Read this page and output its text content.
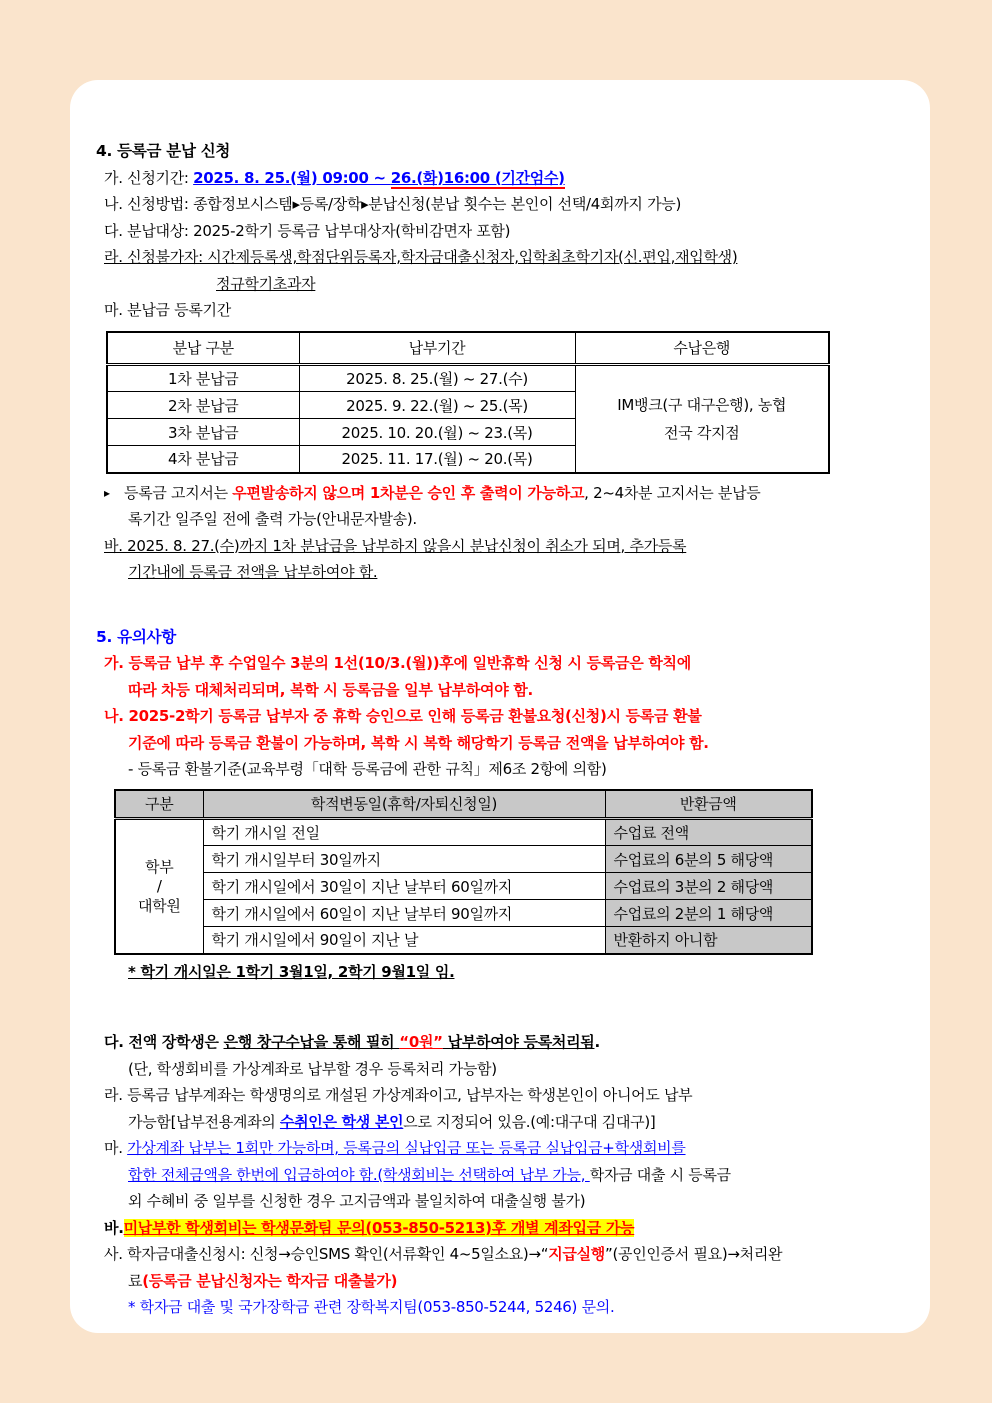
4. 등록금 분납 신청
가. 신청기간: 2025. 8. 25.(월) 09:00 ~ 26.(화)16:00 (기간엄수)
나. 신청방법: 종합정보시스템▸등록/장학▸분납신청(분납 횟수는 본인이 선택/4회까지 가능)
다. 분납대상: 2025-2학기 등록금 납부대상자(학비감면자 포함)
라. 신청불가자: 시간제등록생,학점단위등록자,학자금대출신청자,입학최초학기자(신.편입,재입학생)
정규학기초과자
마. 분납금 등록기간
분납 구분	납부기간	수납은행
1차 분납금	2025. 8. 25.(월) ~ 27.(수)	IM뱅크(구 대구은행), 농협
전국 각지점

2차 분납금	2025. 9. 22.(월) ~ 25.(목)	
3차 분납금	2025. 10. 20.(월) ~ 23.(목)	
4차 분납금	2025. 11. 17.(월) ~ 20.(목)	
▸ 등록금 고지서는 우편발송하지 않으며 1차분은 승인 후 출력이 가능하고, 2~4차분 고지서는 분납등
록기간 일주일 전에 출력 가능(안내문자발송).
바. 2025. 8. 27.(수)까지 1차 분납금을 납부하지 않을시 분납신청이 취소가 되며, 추가등록
기간내에 등록금 전액을 납부하여야 함.
5. 유의사항
가. 등록금 납부 후 수업일수 3분의 1선(10/3.(월))후에 일반휴학 신청 시 등록금은 학칙에
따라 차등 대체처리되며, 복학 시 등록금을 일부 납부하여야 함.
나. 2025-2학기 등록금 납부자 중 휴학 승인으로 인해 등록금 환불요청(신청)시 등록금 환불
기준에 따라 등록금 환불이 가능하며, 복학 시 복학 해당학기 등록금 전액을 납부하여야 함.
- 등록금 환불기준(교육부령「대학 등록금에 관한 규칙」제6조 2항에 의함)
구분	학적변동일(휴학/자퇴신청일)	반환금액

학부
/
대학원	학기 개시일 전일	수업료 전액
	학기 개시일부터 30일까지	수업료의 6분의 5 해당액
	학기 개시일에서 30일이 지난 날부터 60일까지	수업료의 3분의 2 해당액
	학기 개시일에서 60일이 지난 날부터 90일까지	수업료의 2분의 1 해당액
	학기 개시일에서 90일이 지난 날	반환하지 아니함
* 학기 개시일은 1학기 3월1일, 2학기 9월1일 임.
다. 전액 장학생은 은행 창구수납을 통해 필히 “0원” 납부하여야 등록처리됨.
(단, 학생회비를 가상계좌로 납부할 경우 등록처리 가능함)
라. 등록금 납부계좌는 학생명의로 개설된 가상계좌이고, 납부자는 학생본인이 아니어도 납부
가능함[납부전용계좌의 수취인은 학생 본인으로 지정되어 있음.(예:대구대 김대구)]
마. 가상계좌 납부는 1회만 가능하며, 등록금의 실납입금 또는 등록금 실납입금+학생회비를
합한 전체금액을 한번에 입금하여야 함.(학생회비는 선택하여 납부 가능, 학자금 대출 시 등록금
외 수혜비 중 일부를 신청한 경우 고지금액과 불일치하여 대출실행 불가)
바.미납부한 학생회비는 학생문화팀 문의(053-850-5213)후 개별 계좌입금 가능
사. 학자금대출신청시: 신청→승인SMS 확인(서류확인 4~5일소요)→“지급실행”(공인인증서 필요)→처리완
료(등록금 분납신청자는 학자금 대출불가)
* 학자금 대출 및 국가장학금 관련 장학복지팀(053-850-5244, 5246) 문의.
